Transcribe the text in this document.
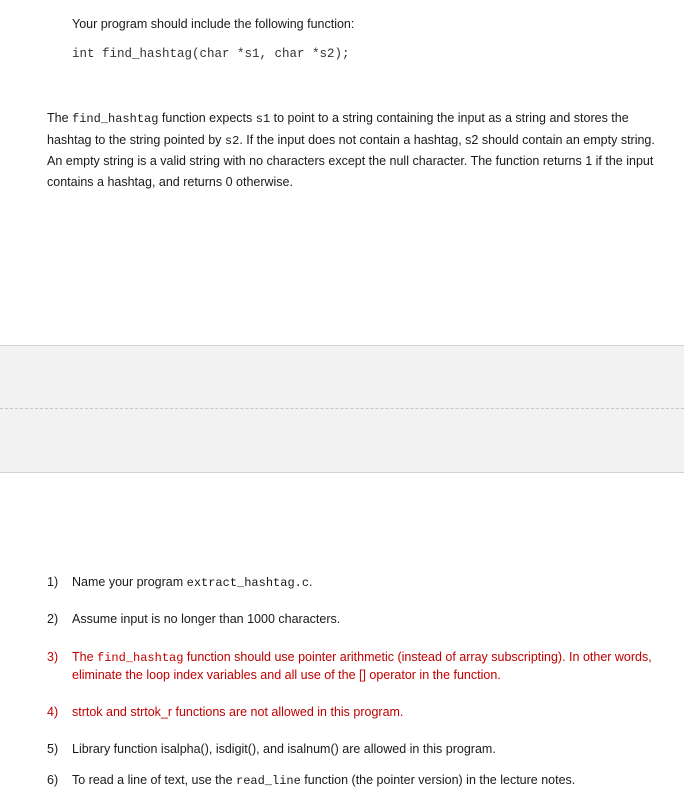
Your program should include the following function:
int find_hashtag(char *s1, char *s2);
The find_hashtag function expects s1 to point to a string containing the input as a string and stores the hashtag to the string pointed by s2. If the input does not contain a hashtag, s2 should contain an empty string. An empty string is a valid string with no characters except the null character. The function returns 1 if the input contains a hashtag, and returns 0 otherwise.
1) Name your program extract_hashtag.c.
2) Assume input is no longer than 1000 characters.
3) The find_hashtag function should use pointer arithmetic (instead of array subscripting). In other words, eliminate the loop index variables and all use of the [] operator in the function.
4) strtok and strtok_r functions are not allowed in this program.
5) Library function isalpha(), isdigit(), and isalnum() are allowed in this program.
6) To read a line of text, use the read_line function (the pointer version) in the lecture notes.
